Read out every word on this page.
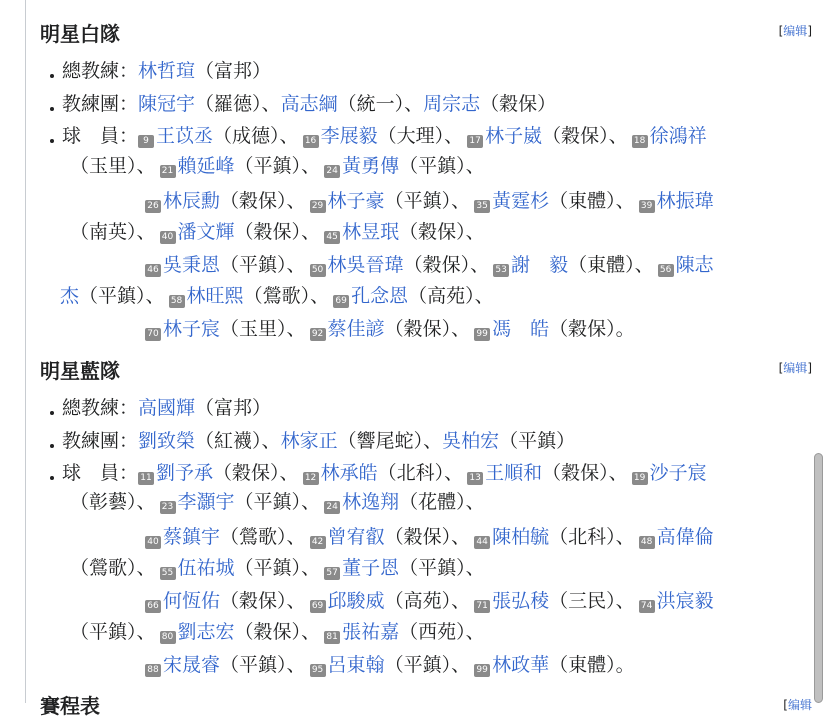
明星白隊	[编辑]
總教練：林哲瑄（富邦）
教練團：陳冠宇（羅德）、高志綱（統一）、周宗志（穀保）
球　員： 9 王苡丞（成德）、 16 李展毅（大理）、 17 林子崴（穀保）、 18 徐鴻祥
（玉里）、 21 賴延峰（平鎮）、 24 黃勇傳（平鎮）、
26 林辰勳（穀保）、 29 林子豪（平鎮）、 35 黃霆杉（東體）、 39 林振瑋
（南英）、 40 潘文輝（穀保）、 45 林昱珉（穀保）、
46 吳秉恩（平鎮）、 50 林吳晉瑋（穀保）、 53 謝　毅（東體）、 56 陳志
杰（平鎮）、 58 林旺熙（鶯歌）、 69 孔念恩（高苑）、
70 林子宸（玉里）、 92 蔡佳諺（穀保）、 99 馮　皓（穀保）。
明星藍隊	[编辑]
總教練：高國輝（富邦）
教練團：劉致榮（紅襪）、林家正（響尾蛇）、吳柏宏（平鎮）
球　員： 11 劉予承（穀保）、 12 林承皓（北科）、 13 王順和（穀保）、 19 沙子宸
（彰藝）、 23 李灝宇（平鎮）、 24 林逸翔（花體）、
40 蔡鎮宇（鶯歌）、 42 曾宥叡（穀保）、 44 陳柏毓（北科）、 48 高偉倫
（鶯歌）、 55 伍祐城（平鎮）、 57 董子恩（平鎮）、
66 何恆佑（穀保）、 69 邱駿威（高苑）、 71 張弘稜（三民）、 74 洪宸毅
（平鎮）、 80 劉志宏（穀保）、 81 張祐嘉（西苑）、
88 宋晟睿（平鎮）、 95 呂東翰（平鎮）、 99 林政華（東體）。
賽程表	[编辑
